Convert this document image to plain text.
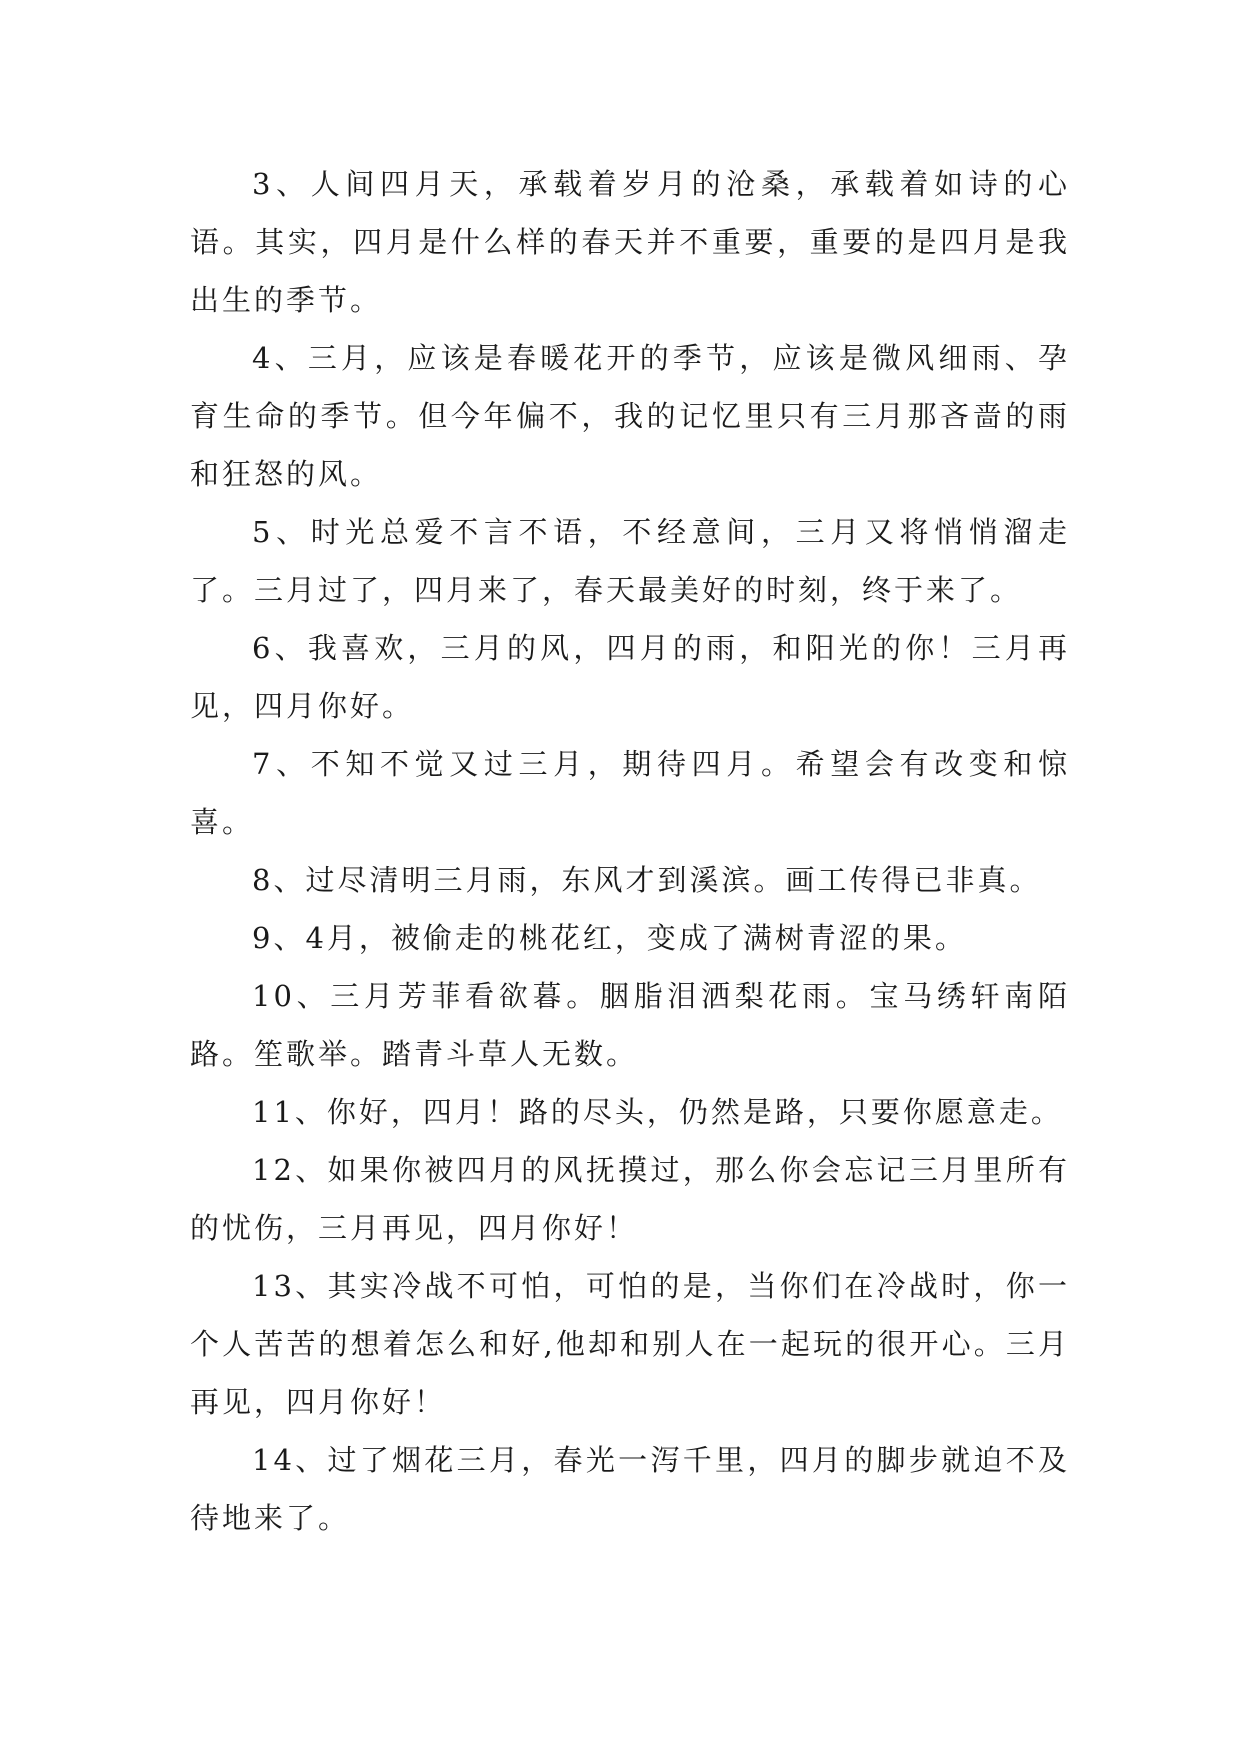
3、人间四月天，承载着岁月的沧桑，承载着如诗的心语。其实，四月是什么样的春天并不重要，重要的是四月是我出生的季节。

4、三月，应该是春暖花开的季节，应该是微风细雨、孕育生命的季节。但今年偏不，我的记忆里只有三月那吝啬的雨和狂怒的风。

5、时光总爱不言不语，不经意间，三月又将悄悄溜走了。三月过了，四月来了，春天最美好的时刻，终于来了。

6、我喜欢，三月的风，四月的雨，和阳光的你！三月再见，四月你好。

7、不知不觉又过三月，期待四月。希望会有改变和惊喜。

8、过尽清明三月雨，东风才到溪滨。画工传得已非真。

9、4月，被偷走的桃花红，变成了满树青涩的果。

10、三月芳菲看欲暮。胭脂泪洒梨花雨。宝马绣轩南陌路。笙歌举。踏青斗草人无数。

11、你好，四月！路的尽头，仍然是路，只要你愿意走。

12、如果你被四月的风抚摸过，那么你会忘记三月里所有的忧伤，三月再见，四月你好！

13、其实冷战不可怕，可怕的是，当你们在冷战时，你一个人苦苦的想着怎么和好,他却和别人在一起玩的很开心。三月再见，四月你好！

14、过了烟花三月，春光一泻千里，四月的脚步就迫不及待地来了。
